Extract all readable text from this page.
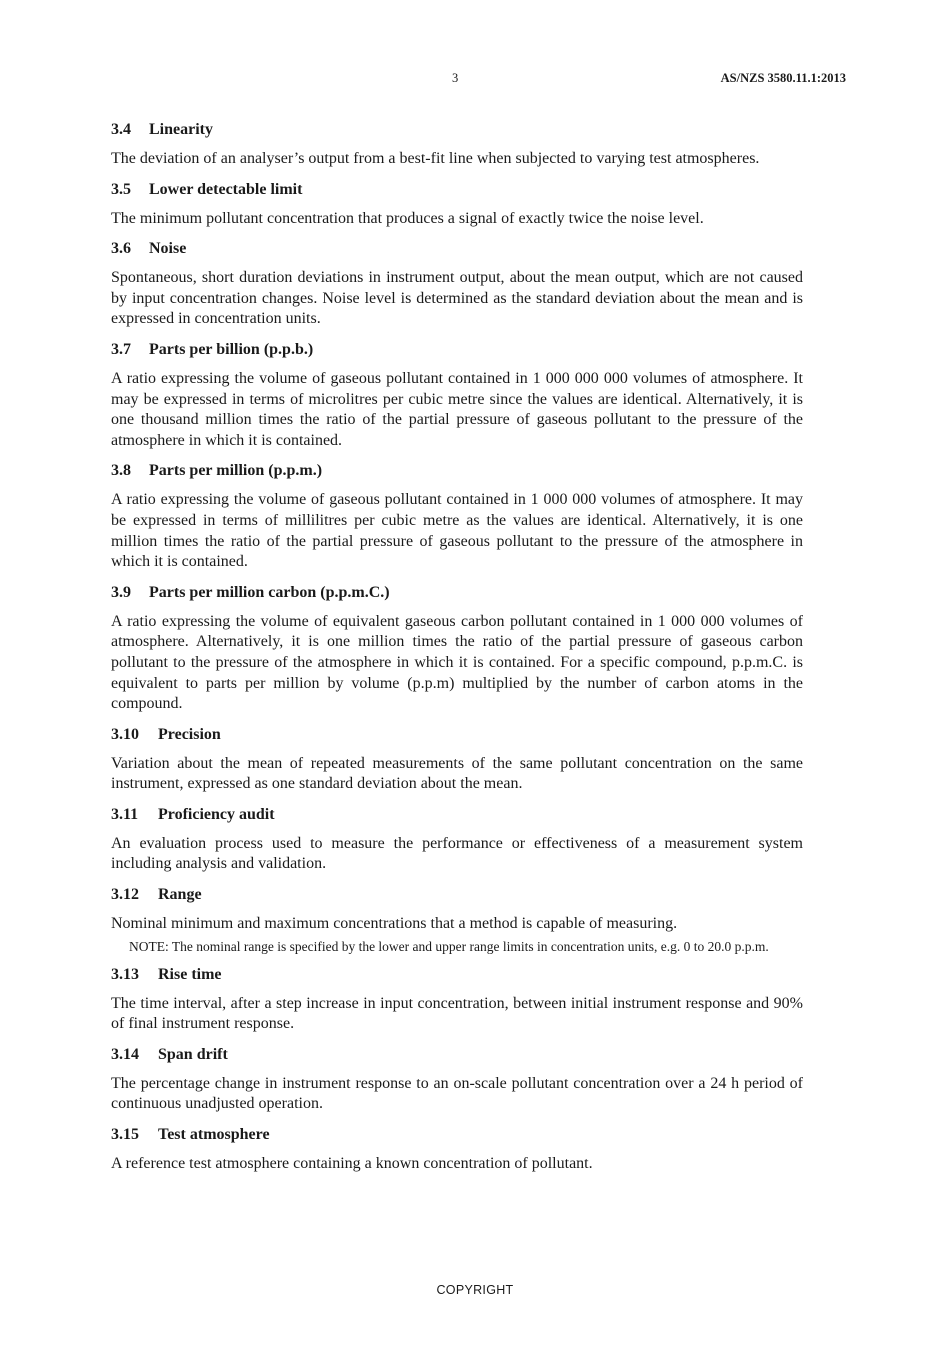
3	AS/NZS 3580.11.1:2013
3.4 Linearity

The deviation of an analyser’s output from a best-fit line when subjected to varying test atmospheres.

3.5 Lower detectable limit

The minimum pollutant concentration that produces a signal of exactly twice the noise level.

3.6 Noise

Spontaneous, short duration deviations in instrument output, about the mean output, which are not caused by input concentration changes. Noise level is determined as the standard deviation about the mean and is expressed in concentration units.

3.7 Parts per billion (p.p.b.)

A ratio expressing the volume of gaseous pollutant contained in 1 000 000 000 volumes of atmosphere. It may be expressed in terms of microlitres per cubic metre since the values are identical. Alternatively, it is one thousand million times the ratio of the partial pressure of gaseous pollutant to the pressure of the atmosphere in which it is contained.

3.8 Parts per million (p.p.m.)

A ratio expressing the volume of gaseous pollutant contained in 1 000 000 volumes of atmosphere. It may be expressed in terms of millilitres per cubic metre as the values are identical. Alternatively, it is one million times the ratio of the partial pressure of gaseous pollutant to the pressure of the atmosphere in which it is contained.

3.9 Parts per million carbon (p.p.m.C.)

A ratio expressing the volume of equivalent gaseous carbon pollutant contained in 1 000 000 volumes of atmosphere. Alternatively, it is one million times the ratio of the partial pressure of gaseous carbon pollutant to the pressure of the atmosphere in which it is contained. For a specific compound, p.p.m.C. is equivalent to parts per million by volume (p.p.m) multiplied by the number of carbon atoms in the compound.

3.10 Precision

Variation about the mean of repeated measurements of the same pollutant concentration on the same instrument, expressed as one standard deviation about the mean.

3.11 Proficiency audit

An evaluation process used to measure the performance or effectiveness of a measurement system including analysis and validation.

3.12 Range

Nominal minimum and maximum concentrations that a method is capable of measuring.

NOTE: The nominal range is specified by the lower and upper range limits in concentration units, e.g. 0 to 20.0 p.p.m.

3.13 Rise time

The time interval, after a step increase in input concentration, between initial instrument response and 90% of final instrument response.

3.14 Span drift

The percentage change in instrument response to an on-scale pollutant concentration over a 24 h period of continuous unadjusted operation.

3.15 Test atmosphere

A reference test atmosphere containing a known concentration of pollutant.

COPYRIGHT
